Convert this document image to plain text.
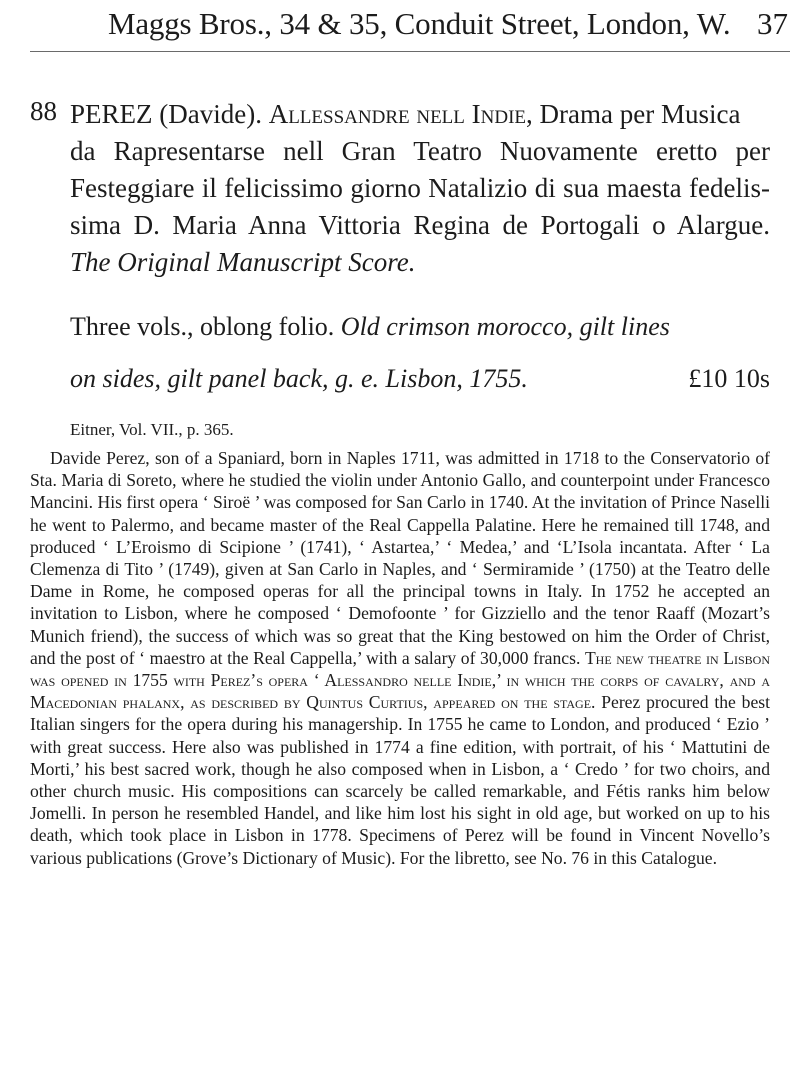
Maggs Bros., 34 & 35, Conduit Street, London, W. 37
88 PEREZ (Davide). Allessandre nell Indie, Drama per Musica
da Rapresentarse nell Gran Teatro Nuovamente eretto per
Festeggiare il felicissimo giorno Natalizio di sua maesta fedelis-
sima D. Maria Anna Vittoria Regina de Portogali o Alargue.
The Original Manuscript Score.
Three vols., oblong folio. Old crimson morocco, gilt lines
on sides, gilt panel back, g. e. Lisbon, 1755.	£10 10s
Eitner, Vol. VII., p. 365.
Davide Perez, son of a Spaniard, born in Naples 1711, was admitted in 1718 to the Conservatorio of Sta. Maria di Soreto, where he studied the violin under Antonio Gallo, and counterpoint under Francesco Mancini. His first opera ‘ Siroë ’ was composed for San Carlo in 1740. At the invitation of Prince Naselli he went to Palermo, and became master of the Real Cappella Palatine. Here he remained till 1748, and produced ‘ L’Eroismo di Scipione ’ (1741), ‘ Astartea,’ ‘ Medea,’ and ‘L’Isola incantata. After ‘ La Clemenza di Tito ’ (1749), given at San Carlo in Naples, and ‘ Sermiramide ’ (1750) at the Teatro delle Dame in Rome, he composed operas for all the principal towns in Italy. In 1752 he accepted an invitation to Lisbon, where he composed ‘ Demofoonte ’ for Gizziello and the tenor Raaff (Mozart’s Munich friend), the success of which was so great that the King bestowed on him the Order of Christ, and the post of ‘ maestro at the Real Cappella,’ with a salary of 30,000 francs. The new theatre in Lisbon was opened in 1755 with Perez’s opera ‘ Alessandro nelle Indie,’ in which the corps of cavalry, and a Macedonian phalanx, as described by Quintus Curtius, appeared on the stage. Perez procured the best Italian singers for the opera during his managership. In 1755 he came to London, and produced ‘ Ezio ’ with great success. Here also was published in 1774 a fine edition, with portrait, of his ‘ Mattutini de Morti,’ his best sacred work, though he also composed when in Lisbon, a ‘ Credo ’ for two choirs, and other church music. His compositions can scarcely be called remarkable, and Fétis ranks him below Jomelli. In person he resembled Handel, and like him lost his sight in old age, but worked on up to his death, which took place in Lisbon in 1778. Specimens of Perez will be found in Vincent Novello’s various publications (Grove’s Dictionary of Music). For the libretto, see No. 76 in this Catalogue.
